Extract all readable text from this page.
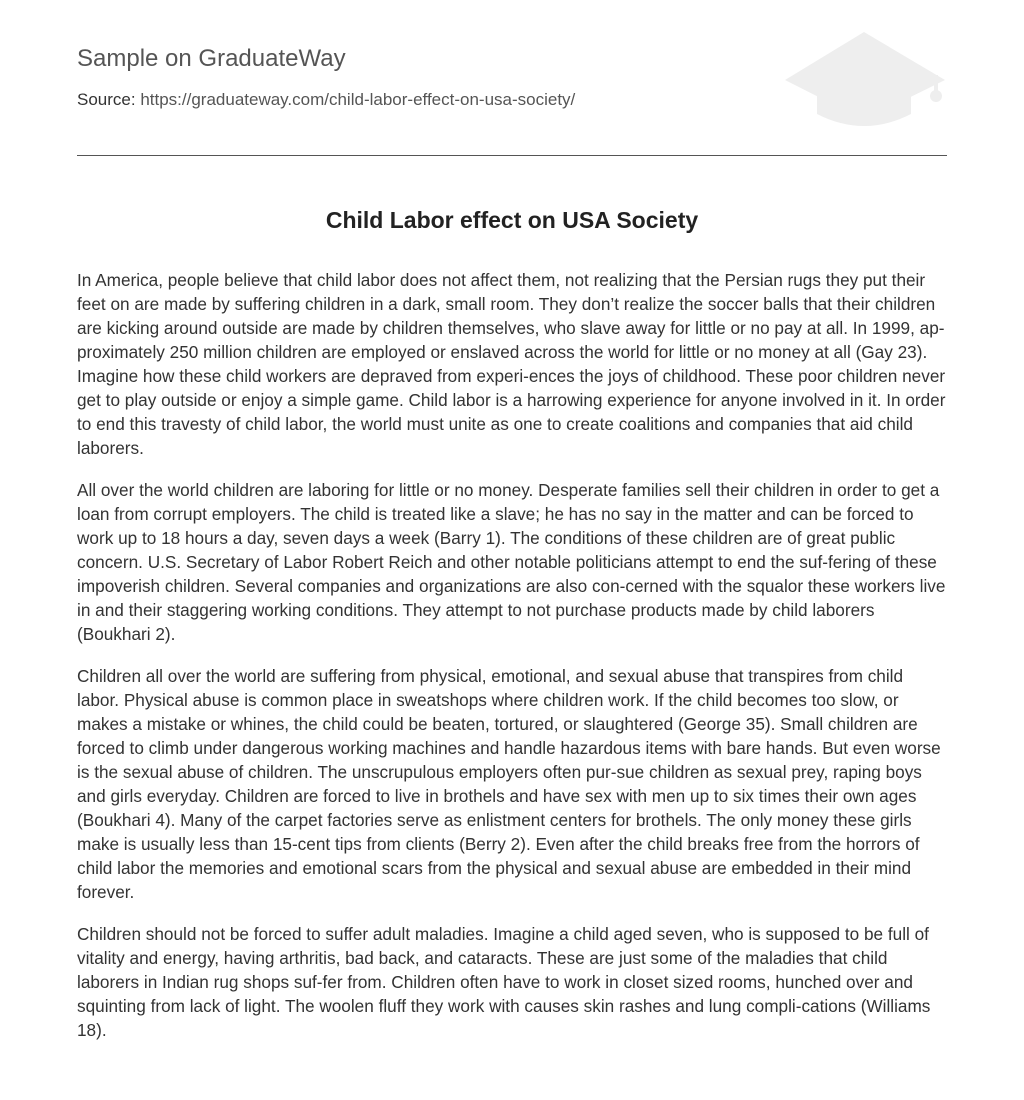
Sample on GraduateWay
Source: https://graduateway.com/child-labor-effect-on-usa-society/
Child Labor effect on USA Society

In America, people believe that child labor does not affect them, not realizing that the Persian rugs they put their feet on are made by suffering children in a dark, small room. They don’t realize the soccer balls that their children are kicking around outside are made by children themselves, who slave away for little or no pay at all. In 1999, ap-proximately 250 million children are employed or enslaved across the world for little or no money at all (Gay 23). Imagine how these child workers are depraved from experi-ences the joys of childhood. These poor children never get to play outside or enjoy a simple game. Child labor is a harrowing experience for anyone involved in it. In order to end this travesty of child labor, the world must unite as one to create coalitions and companies that aid child laborers.

All over the world children are laboring for little or no money. Desperate families sell their children in order to get a loan from corrupt employers. The child is treated like a slave; he has no say in the matter and can be forced to work up to 18 hours a day, seven days a week (Barry 1). The conditions of these children are of great public concern. U.S. Secretary of Labor Robert Reich and other notable politicians attempt to end the suf-fering of these impoverish children. Several companies and organizations are also con-cerned with the squalor these workers live in and their staggering working conditions. They attempt to not purchase products made by child laborers (Boukhari 2).

Children all over the world are suffering from physical, emotional, and sexual abuse that transpires from child labor. Physical abuse is common place in sweatshops where children work. If the child becomes too slow, or makes a mistake or whines, the child could be beaten, tortured, or slaughtered (George 35). Small children are forced to climb under dangerous working machines and handle hazardous items with bare hands. But even worse is the sexual abuse of children. The unscrupulous employers often pur-sue children as sexual prey, raping boys and girls everyday. Children are forced to live in brothels and have sex with men up to six times their own ages (Boukhari 4). Many of the carpet factories serve as enlistment centers for brothels. The only money these girls make is usually less than 15-cent tips from clients (Berry 2). Even after the child breaks free from the horrors of child labor the memories and emotional scars from the physical and sexual abuse are embedded in their mind forever.

Children should not be forced to suffer adult maladies. Imagine a child aged seven, who is supposed to be full of vitality and energy, having arthritis, bad back, and cataracts. These are just some of the maladies that child laborers in Indian rug shops suf-fer from. Children often have to work in closet sized rooms, hunched over and squinting from lack of light. The woolen fluff they work with causes skin rashes and lung compli-cations (Williams 18).
